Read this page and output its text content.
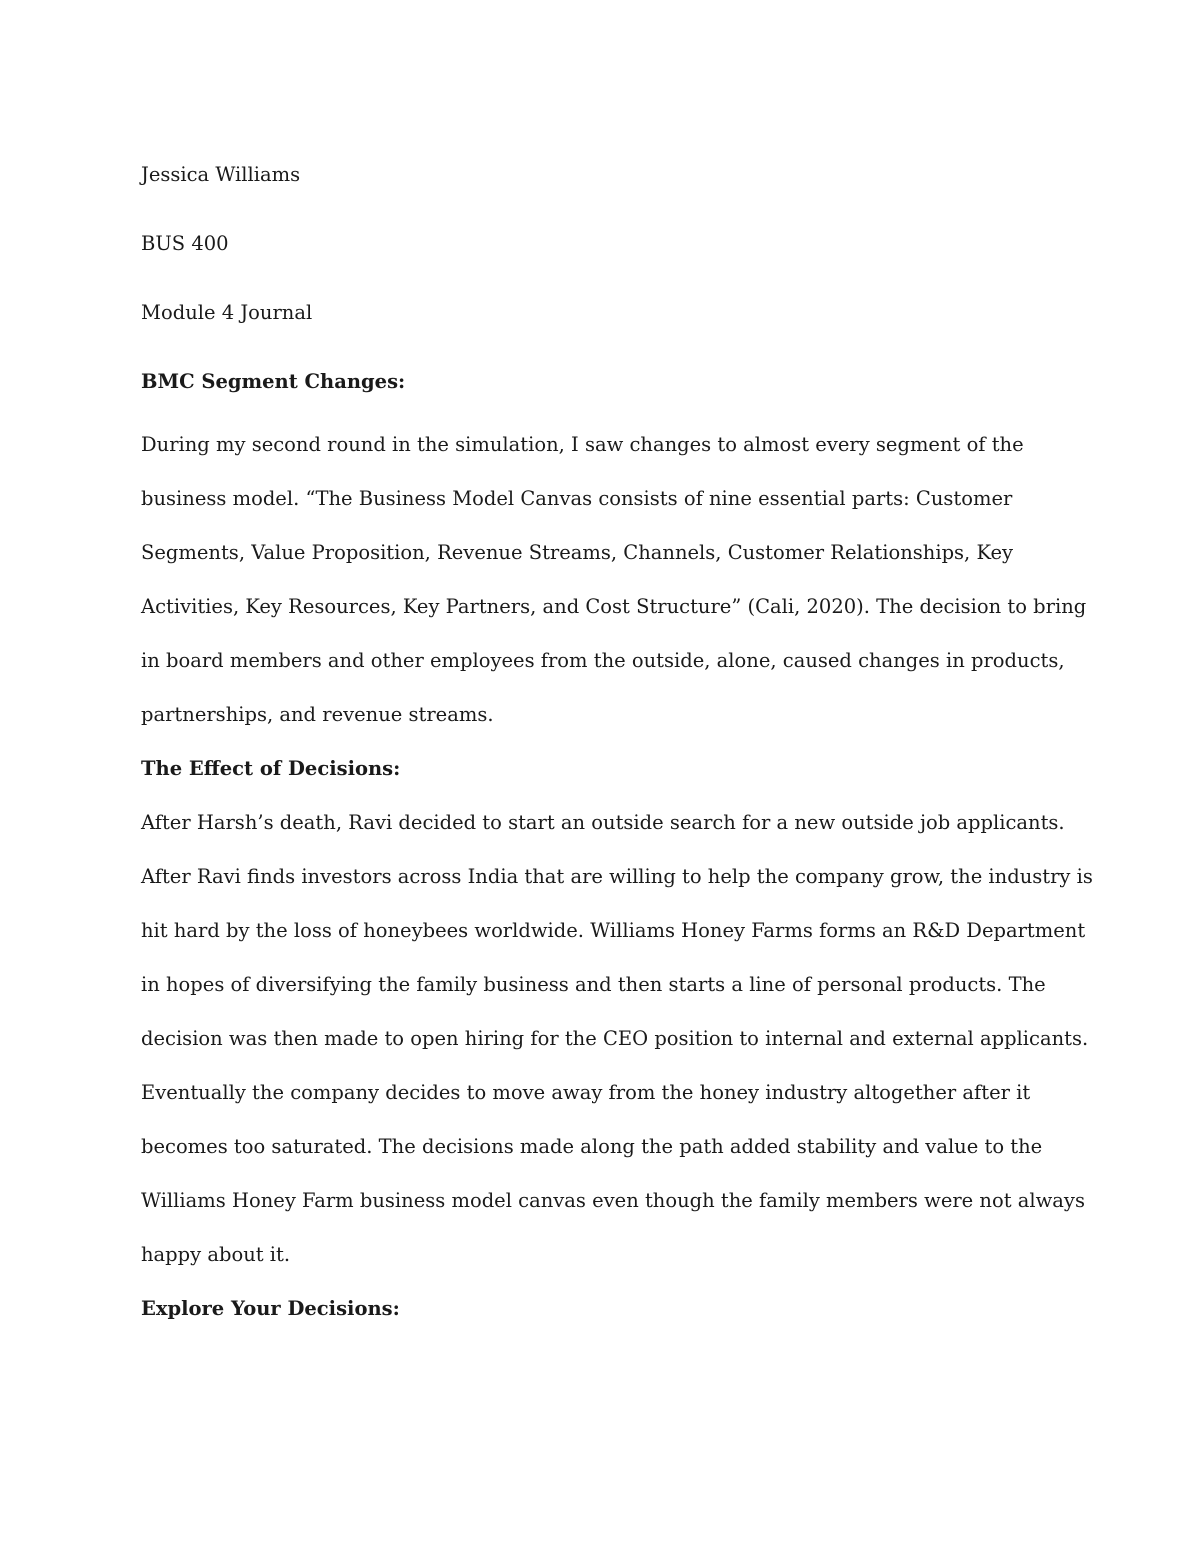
Jessica Williams

BUS 400

Module 4 Journal

BMC Segment Changes:

During my second round in the simulation, I saw changes to almost every segment of the

business model. “The Business Model Canvas consists of nine essential parts: Customer

Segments, Value Proposition, Revenue Streams, Channels, Customer Relationships, Key

Activities, Key Resources, Key Partners, and Cost Structure” (Cali, 2020). The decision to bring

in board members and other employees from the outside, alone, caused changes in products,

partnerships, and revenue streams.

The Effect of Decisions:

After Harsh’s death, Ravi decided to start an outside search for a new outside job applicants.

After Ravi finds investors across India that are willing to help the company grow, the industry is

hit hard by the loss of honeybees worldwide. Williams Honey Farms forms an R&D Department

in hopes of diversifying the family business and then starts a line of personal products. The

decision was then made to open hiring for the CEO position to internal and external applicants.

Eventually the company decides to move away from the honey industry altogether after it

becomes too saturated. The decisions made along the path added stability and value to the

Williams Honey Farm business model canvas even though the family members were not always

happy about it.

Explore Your Decisions:
